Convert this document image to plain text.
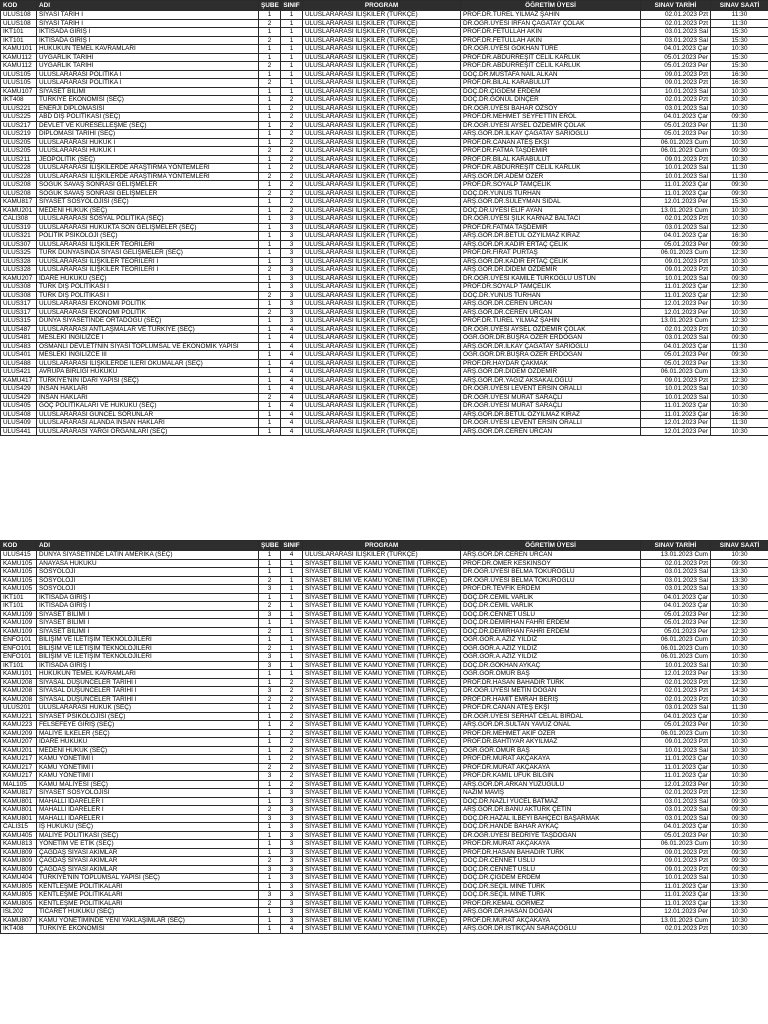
KOD	ADI	ŞUBE	SINIF	PROGRAM	ÖĞRETİM ÜYESİ	SINAV TARİHİ	SINAV SAATİ
ULUS108	SİYASİ TARİH I	1	1	ULUSLARARASI İLİŞKİLER (TÜRKÇE)	PROF.DR.TUREL YILMAZ ŞAHİN	02.01.2023 Pzt	11:30
ULUS108	SİYASİ TARİH I	2	1	ULUSLARARASI İLİŞKİLER (TÜRKÇE)	DR.ÖĞR.ÜYESİ İRFAN ÇAĞATAY ÇOLAK	02.01.2023 Pzt	11:30
IKT101	İKTİSADA GİRİŞ I	1	1	ULUSLARARASI İLİŞKİLER (TÜRKÇE)	PROF.DR.FETULLAH AKIN	03.01.2023 Sal	15:30
IKT101	İKTİSADA GİRİŞ I	2	1	ULUSLARARASI İLİŞKİLER (TÜRKÇE)	PROF.DR.FETULLAH AKIN	03.01.2023 Sal	15:30
KAMU101	HUKUKUN TEMEL KAVRAMLARI	1	1	ULUSLARARASI İLİŞKİLER (TÜRKÇE)	DR.ÖĞR.ÜYESİ GÖKHAN TÜRE	04.01.2023 Çar	10:30
KAMU112	UYGARLIK TARİHİ	1	1	ULUSLARARASI İLİŞKİLER (TÜRKÇE)	PROF.DR.ABDURREŞİT CELİL KARLUK	05.01.2023 Per	15:30
KAMU112	UYGARLIK TARİHİ	2	1	ULUSLARARASI İLİŞKİLER (TÜRKÇE)	PROF.DR.ABDURREŞİT CELİL KARLUK	05.01.2023 Per	15:30
ULUS105	ULUSLARARASI POLİTİKA I	1	1	ULUSLARARASI İLİŞKİLER (TÜRKÇE)	DOÇ.DR.MUSTAFA NAİL ALKAN	09.01.2023 Pzt	16:30
ULUS105	ULUSLARARASI POLİTİKA I	2	1	ULUSLARARASI İLİŞKİLER (TÜRKÇE)	PROF.DR.BİLAL KARABULUT	09.01.2023 Pzt	16:30
KAMU107	SİYASET BİLİMİ	1	1	ULUSLARARASI İLİŞKİLER (TÜRKÇE)	DOÇ.DR.ÇİĞDEM ERDEM	10.01.2023 Sal	10:30
IKT408	TÜRKİYE EKONOMİSİ (SEÇ)	1	2	ULUSLARARASI İLİŞKİLER (TÜRKÇE)	DOÇ.DR.GÖNÜL DİNÇER	02.01.2023 Pzt	10:30
ULUS221	ENERJİ DİPLOMASİSİ	1	2	ULUSLARARASI İLİŞKİLER (TÜRKÇE)	DR.ÖĞR.ÜYESİ BAHAR ÖZSOY	03.01.2023 Sal	10:30
ULUS225	ABD DIŞ POLİTİKASI (SEÇ)	1	2	ULUSLARARASI İLİŞKİLER (TÜRKÇE)	PROF.DR.MEHMET SEYFETTİN EROL	04.01.2023 Çar	09:30
ULUS217	DEVLET VE KÜRESELLEŞME (SEÇ)	1	2	ULUSLARARASI İLİŞKİLER (TÜRKÇE)	DR.ÖĞR.ÜYESİ AYSEL ÖZDEMİR ÇOLAK	05.01.2023 Per	11:30
ULUS219	DİPLOMASİ TARİHİ (SEÇ)	1	2	ULUSLARARASI İLİŞKİLER (TÜRKÇE)	ARŞ.GÖR.DR.İLKAY ÇAĞATAY SARIOĞLU	05.01.2023 Per	10:30
ULUS205	ULUSLARARASI HUKUK I	1	2	ULUSLARARASI İLİŞKİLER (TÜRKÇE)	PROF.DR.CANAN ATEŞ EKŞİ	06.01.2023 Cum	10:30
ULUS205	ULUSLARARASI HUKUK I	2	2	ULUSLARARASI İLİŞKİLER (TÜRKÇE)	PROF.DR.FATMA TAŞDEMİR	06.01.2023 Cum	09:30
ULUS211	JEOPOLİTİK (SEÇ)	1	2	ULUSLARARASI İLİŞKİLER (TÜRKÇE)	PROF.DR.BİLAL KARABULUT	09.01.2023 Pzt	10:30
ULUS228	ULUSLARARASI İLİŞKİLERDE ARAŞTIRMA YÖNTEMLERİ	1	2	ULUSLARARASI İLİŞKİLER (TÜRKÇE)	PROF.DR.ABDURREŞİT CELİL KARLUK	10.01.2023 Sal	11:30
ULUS228	ULUSLARARASI İLİŞKİLERDE ARAŞTIRMA YÖNTEMLERİ	2	2	ULUSLARARASI İLİŞKİLER (TÜRKÇE)	ARŞ.GÖR.DR.ADEM ÖZER	10.01.2023 Sal	11:30
ULUS208	SOĞUK SAVAŞ SONRASI GELİŞMELER	1	2	ULUSLARARASI İLİŞKİLER (TÜRKÇE)	PROF.DR.SOYALP TAMÇELİK	11.01.2023 Çar	09:30
ULUS208	SOĞUK SAVAŞ SONRASI GELİŞMELER	2	2	ULUSLARARASI İLİŞKİLER (TÜRKÇE)	DOÇ.DR.YUNUS TURHAN	11.01.2023 Çar	09:30
KAMU817	SİYASET SOSYOLOJİSİ (SEÇ)	1	2	ULUSLARARASI İLİŞKİLER (TÜRKÇE)	ARŞ.GÖR.DR.SÜLEYMAN SIDAL	12.01.2023 Per	15:30
KAMU201	MEDENİ HUKUK (SEÇ)	1	2	ULUSLARARASI İLİŞKİLER (TÜRKÇE)	DOÇ.DR.ÜYESİ ELİF AYAN	13.01.2023 Cum	10:30
CALI308	ULUSLARARASI SOSYAL POLİTİKA (SEÇ)	1	3	ULUSLARARASI İLİŞKİLER (TÜRKÇE)	DR.ÖĞR.ÜYESİ ŞİLK KARNAZ BALTACI	02.01.2023 Pzt	10:30
ULUS319	ULUSLARARASI HUKUKTA SON GELİŞMELER (SEÇ)	1	3	ULUSLARARASI İLİŞKİLER (TÜRKÇE)	PROF.DR.FATMA TAŞDEMİR	03.01.2023 Sal	12:30
ULUS321	POLİTİK PSİKOLOJİ (SEÇ)	1	3	ULUSLARARASI İLİŞKİLER (TÜRKÇE)	ARŞ.GÖR.DR.BETÜL ÖZYILMAZ KİRAZ	04.01.2023 Çar	16:30
ULUS307	ULUSLARARASI İLİŞKİLER TEORİLERİ	1	3	ULUSLARARASI İLİŞKİLER (TÜRKÇE)	ARŞ.GÖR.DR.KADİR ERTAÇ ÇELİK	05.01.2023 Per	09:30
ULUS325	TÜRK DÜNYASINDA SİYASİ GELİŞMELER (SEÇ)	1	3	ULUSLARARASI İLİŞKİLER (TÜRKÇE)	PROF.DR.FIRAT PURTAŞ	06.01.2023 Cum	12:30
ULUS328	ULUSLARARASI İLİŞKİLER TEORİLERİ I	1	3	ULUSLARARASI İLİŞKİLER (TÜRKÇE)	ARŞ.GÖR.DR.KADİR ERTAÇ ÇELİK	09.01.2023 Pzt	10:30
ULUS328	ULUSLARARASI İLİŞKİLER TEORİLERİ I	2	3	ULUSLARARASI İLİŞKİLER (TÜRKÇE)	ARŞ.GÖR.DR.DİDEM ÖZDEMİR	09.01.2023 Pzt	10:30
KAMU207	İDARE HUKUKU (SEÇ)	1	3	ULUSLARARASI İLİŞKİLER (TÜRKÇE)	DR.ÖĞR.ÜYESİ KAMİLE TÜRKOĞLU ÜSTÜN	10.01.2023 Sal	09:30
ULUS308	TÜRK DIŞ POLİTİKASI I	1	3	ULUSLARARASI İLİŞKİLER (TÜRKÇE)	PROF.DR.SOYALP TAMÇELİK	11.01.2023 Çar	12:30
ULUS308	TÜRK DIŞ POLİTİKASI I	2	3	ULUSLARARASI İLİŞKİLER (TÜRKÇE)	DOÇ.DR.YUNUS TURHAN	11.01.2023 Çar	12:30
ULUS317	ULUSLARARASI EKONOMİ POLİTİK	1	3	ULUSLARARASI İLİŞKİLER (TÜRKÇE)	ARŞ.GÖR.DR.CEREN URCAN	12.01.2023 Per	10:30
ULUS317	ULUSLARARASI EKONOMİ POLİTİK	2	3	ULUSLARARASI İLİŞKİLER (TÜRKÇE)	ARŞ.GÖR.DR.CEREN URCAN	12.01.2023 Per	10:30
ULUS315	DÜNYA SİYASETİNDE ORTADOĞU (SEÇ)	1	3	ULUSLARARASI İLİŞKİLER (TÜRKÇE)	PROF.DR.TUREL YILMAZ ŞAHİN	13.01.2023 Cum	12:30
ULUS487	ULUSLARARASI ANTLAŞMALAR VE TÜRKİYE (SEÇ)	1	4	ULUSLARARASI İLİŞKİLER (TÜRKÇE)	DR.ÖĞR.ÜYESİ AYSEL ÖZDEMİR ÇOLAK	02.01.2023 Pzt	10:30
ULUS481	MESLEKİ İNGİLİZCE I	1	4	ULUSLARARASI İLİŞKİLER (TÜRKÇE)	ÖĞR.GÖR.DR.BÜŞRA ÖZER ERDOĞAN	03.01.2023 Sal	09:30
ULUS483	OSMANLI DEVLETİ'NİN SİYASİ TOPLUMSAL VE EKONOMİK YAPISI	1	4	ULUSLARARASI İLİŞKİLER (TÜRKÇE)	ARŞ.GÖR.DR.İLKAY ÇAĞATAY SARIOĞLU	04.01.2023 Çar	11:30
ULUS401	MESLEKİ İNGİLİZCE III	1	4	ULUSLARARASI İLİŞKİLER (TÜRKÇE)	ÖĞR.GÖR.DR.BÜŞRA ÖZER ERDOĞAN	05.01.2023 Per	09:30
ULUS488	ULUSLARARASI İLİŞKİLERDE İLERİ OKUMALAR (SEÇ)	1	4	ULUSLARARASI İLİŞKİLER (TÜRKÇE)	PROF.DR.HAYDAR ÇAKMAK	05.01.2023 Per	13:30
ULUS421	AVRUPA BİRLİĞİ HUKUKU	1	4	ULUSLARARASI İLİŞKİLER (TÜRKÇE)	ARŞ.GÖR.DR.DİDEM ÖZDEMİR	06.01.2023 Cum	13:30
KAMU417	TÜRKİYE'NİN İDARİ YAPISI (SEÇ)	1	4	ULUSLARARASI İLİŞKİLER (TÜRKÇE)	ARŞ.GÖR.DR.YAĞIZ AKSAKALOĞLU	09.01.2023 Pzt	12:30
ULUS429	İNSAN HAKLARI	1	4	ULUSLARARASI İLİŞKİLER (TÜRKÇE)	DR.ÖĞR.ÜYESİ LEVENT ERSİN ORALLI	10.01.2023 Sal	10:30
ULUS429	İNSAN HAKLARI	2	4	ULUSLARARASI İLİŞKİLER (TÜRKÇE)	DR.ÖĞR.ÜYESİ MURAT SARAÇLI	10.01.2023 Sal	10:30
ULUS405	GÖÇ POLİTİKALARI VE HUKUKU (SEÇ)	1	4	ULUSLARARASI İLİŞKİLER (TÜRKÇE)	DR.ÖĞR.ÜYESİ MURAT SARAÇLI	11.01.2023 Çar	10:30
ULUS408	ULUSLARARASI GÜNCEL SORUNLAR	1	4	ULUSLARARASI İLİŞKİLER (TÜRKÇE)	ARŞ.GÖR.DR.BETÜL ÖZYILMAZ KİRAZ	11.01.2023 Çar	16:30
ULUS409	ULUSLARARASI ALANDA İNSAN HAKLARI	1	4	ULUSLARARASI İLİŞKİLER (TÜRKÇE)	DR.ÖĞR.ÜYESİ LEVENT ERSİN ORALLI	12.01.2023 Per	11:30
ULUS441	ULUSLARARASI YARGI ORGANLARI (SEÇ)	1	4	ULUSLARARASI İLİŞKİLER (TÜRKÇE)	ARŞ.GÖR.DR.CEREN URCAN	12.01.2023 Per	10:30
KOD	ADI	ŞUBE	SINIF	PROGRAM	ÖĞRETİM ÜYESİ	SINAV TARİHİ	SINAV SAATİ
ULUS415	DÜNYA SİYASETİNDE LATİN AMERİKA (SEÇ)	1	4	ULUSLARARASI İLİŞKİLER (TÜRKÇE)	ARŞ.GÖR.DR.CEREN URCAN	13.01.2023 Cum	10:30
KAMU105	ANAYASA HUKUKU	1	1	SİYASET BİLİMİ VE KAMU YÖNETİMİ (TÜRKÇE)	PROF.DR.ÖMER KESKİNSOY	02.01.2023 Pzt	09:30
KAMU105	SOSYOLOJİ	1	1	SİYASET BİLİMİ VE KAMU YÖNETİMİ (TÜRKÇE)	DR.ÖĞR.ÜYESİ BELMA TOKUROĞLU	03.01.2023 Sal	13:30
KAMU105	SOSYOLOJİ	2	1	SİYASET BİLİMİ VE KAMU YÖNETİMİ (TÜRKÇE)	DR.ÖĞR.ÜYESİ BELMA TOKUROĞLU	03.01.2023 Sal	13:30
KAMU105	SOSYOLOJİ	3	1	SİYASET BİLİMİ VE KAMU YÖNETİMİ (TÜRKÇE)	PROF.DR.TEVFİK ERDEM	03.01.2023 Sal	13:30
IKT101	İKTİSADA GİRİŞ I	1	1	SİYASET BİLİMİ VE KAMU YÖNETİMİ (TÜRKÇE)	DOÇ.DR.CEMİL VARLIK	04.01.2023 Çar	10:30
IKT101	İKTİSADA GİRİŞ I	2	1	SİYASET BİLİMİ VE KAMU YÖNETİMİ (TÜRKÇE)	DOÇ.DR.CEMİL VARLIK	04.01.2023 Çar	10:30
KAMU109	SİYASET BİLİMİ I	3	1	SİYASET BİLİMİ VE KAMU YÖNETİMİ (TÜRKÇE)	DOÇ.DR.CENNET USLU	05.01.2023 Per	12:30
KAMU109	SİYASET BİLİMİ I	1	1	SİYASET BİLİMİ VE KAMU YÖNETİMİ (TÜRKÇE)	DOÇ.DR.DEMİRHAN FAHRİ ERDEM	05.01.2023 Per	12:30
KAMU109	SİYASET BİLİMİ I	2	1	SİYASET BİLİMİ VE KAMU YÖNETİMİ (TÜRKÇE)	DOÇ.DR.DEMİRHAN FAHRİ ERDEM	05.01.2023 Per	12:30
ENFO101	BİLİŞİM VE İLETİŞİM TEKNOLOJİLERİ	1	1	SİYASET BİLİMİ VE KAMU YÖNETİMİ (TÜRKÇE)	ÖĞR.GÖR.A.AZİZ YILDIZ	06.01.2023 Cum	10:30
ENFO101	BİLİŞİM VE İLETİŞİM TEKNOLOJİLERİ	2	1	SİYASET BİLİMİ VE KAMU YÖNETİMİ (TÜRKÇE)	ÖĞR.GÖR.A.AZİZ YILDIZ	06.01.2023 Cum	10:30
ENFO101	BİLİŞİM VE İLETİŞİM TEKNOLOJİLERİ	3	1	SİYASET BİLİMİ VE KAMU YÖNETİMİ (TÜRKÇE)	ÖĞR.GÖR.A.AZİZ YILDIZ	06.01.2023 Cum	10:30
IKT101	İKTİSADA GİRİŞ I	3	1	SİYASET BİLİMİ VE KAMU YÖNETİMİ (TÜRKÇE)	DOÇ.DR.GÖKHAN AYKAÇ	10.01.2023 Sal	10:30
KAMU101	HUKUKUN TEMEL KAVRAMLARI	1	1	SİYASET BİLİMİ VE KAMU YÖNETİMİ (TÜRKÇE)	ÖĞR.GÖR.ÖMÜR BAŞ	12.01.2023 Per	13:30
KAMU208	SİYASAL DÜŞÜNCELER TARİHİ I	1	2	SİYASET BİLİMİ VE KAMU YÖNETİMİ (TÜRKÇE)	PROF.DR.HASAN BAHADIR TÜRK	02.01.2023 Pzt	12:30
KAMU208	SİYASAL DÜŞÜNCELER TARİHİ I	3	2	SİYASET BİLİMİ VE KAMU YÖNETİMİ (TÜRKÇE)	DR.ÖĞR.ÜYESİ METİN DOĞAN	02.01.2023 Pzt	14:30
KAMU208	SİYASAL DÜŞÜNCELER TARİHİ I	2	2	SİYASET BİLİMİ VE KAMU YÖNETİMİ (TÜRKÇE)	PROF.DR.HAMİT EMRAH BERİŞ	02.01.2023 Pzt	10:30
ULUS201	ULUSLARARASI HUKUK (SEÇ)	1	2	SİYASET BİLİMİ VE KAMU YÖNETİMİ (TÜRKÇE)	PROF.DR.CANAN ATEŞ EKŞİ	03.01.2023 Sal	11:30
KAMU221	SİYASET PSİKOLOJİSİ (SEÇ)	1	2	SİYASET BİLİMİ VE KAMU YÖNETİMİ (TÜRKÇE)	DR.ÖĞR.ÜYESİ SERHAT CELAL BİRDAL	04.01.2023 Çar	10:30
KAMU223	FELSEFEYE GİRİŞ (SEÇ)	1	2	SİYASET BİLİMİ VE KAMU YÖNETİMİ (TÜRKÇE)	ARŞ.GÖR.DR.SULTAN YAVUZ ONAL	05.01.2023 Per	10:30
KAMU209	MALİYE İLKELER (SEÇ)	1	2	SİYASET BİLİMİ VE KAMU YÖNETİMİ (TÜRKÇE)	PROF.DR.MEHMET AKİF ÖZER	06.01.2023 Cum	10:30
KAMU207	İDARE HUKUKU	1	2	SİYASET BİLİMİ VE KAMU YÖNETİMİ (TÜRKÇE)	PROF.DR.BAHTİYAR AKYILMAZ	09.01.2023 Pzt	10:30
KAMU201	MEDENİ HUKUK (SEÇ)	1	2	SİYASET BİLİMİ VE KAMU YÖNETİMİ (TÜRKÇE)	ÖĞR.GÖR.ÖMÜR BAŞ	10.01.2023 Sal	10:30
KAMU217	KAMU YÖNETİMİ I	1	2	SİYASET BİLİMİ VE KAMU YÖNETİMİ (TÜRKÇE)	PROF.DR.MURAT AKÇAKAYA	11.01.2023 Çar	10:30
KAMU217	KAMU YÖNETİMİ I	2	2	SİYASET BİLİMİ VE KAMU YÖNETİMİ (TÜRKÇE)	PROF.DR.MURAT AKÇAKAYA	11.01.2023 Çar	10:30
KAMU217	KAMU YÖNETİMİ I	3	2	SİYASET BİLİMİ VE KAMU YÖNETİMİ (TÜRKÇE)	PROF.DR.KAMİL UFUK BİLGİN	11.01.2023 Çar	10:30
MAL105	KAMU MALİYESİ (SEÇ)	1	2	SİYASET BİLİMİ VE KAMU YÖNETİMİ (TÜRKÇE)	ARŞ.GÖR.DR.ARKAN YÜZÜGÜLÜ	12.01.2023 Per	10:30
KAMU817	SİYASET SOSYOLOJİSİ	1	3	SİYASET BİLİMİ VE KAMU YÖNETİMİ (TÜRKÇE)	NAZIM MAVİŞ	02.01.2023 Pzt	12:30
KAMU801	MAHALLİ İDARELER I	1	3	SİYASET BİLİMİ VE KAMU YÖNETİMİ (TÜRKÇE)	DOÇ.DR.NAZLI YÜCEL BATMAZ	03.01.2023 Sal	09:30
KAMU801	MAHALLİ İDARELER I	2	3	SİYASET BİLİMİ VE KAMU YÖNETİMİ (TÜRKÇE)	ARŞ.GÖR.DR.BANU AKTÜRK ÇETİN	03.01.2023 Sal	09:30
KAMU801	MAHALLİ İDARELER I	3	3	SİYASET BİLİMİ VE KAMU YÖNETİMİ (TÜRKÇE)	DOÇ.DR.HAZAL İLBEYİ BAHÇECİ BAŞARMAK	03.01.2023 Sal	09:30
CALI315	İŞ HUKUKU (SEÇ)	1	3	SİYASET BİLİMİ VE KAMU YÖNETİMİ (TÜRKÇE)	DOÇ.DR.HANDE BAHAR AYKAÇ	04.01.2023 Çar	10:30
KAMU405	MALİYE POLİTİKASI (SEÇ)	1	3	SİYASET BİLİMİ VE KAMU YÖNETİMİ (TÜRKÇE)	DR.ÖĞR.ÜYESİ BEDRİYE TAŞDOĞAN	05.01.2023 Per	10:30
KAMU813	YÖNETİM VE ETİK (SEÇ)	1	3	SİYASET BİLİMİ VE KAMU YÖNETİMİ (TÜRKÇE)	PROF.DR.MURAT AKÇAKAYA	06.01.2023 Cum	10:30
KAMU809	ÇAĞDAŞ SİYASİ AKIMLAR	1	3	SİYASET BİLİMİ VE KAMU YÖNETİMİ (TÜRKÇE)	PROF.DR.HASAN BAHADIR TÜRK	09.01.2023 Pzt	09:30
KAMU809	ÇAĞDAŞ SİYASİ AKIMLAR	2	3	SİYASET BİLİMİ VE KAMU YÖNETİMİ (TÜRKÇE)	DOÇ.DR.CENNET USLU	09.01.2023 Pzt	09:30
KAMU809	ÇAĞDAŞ SİYASİ AKIMLAR	3	3	SİYASET BİLİMİ VE KAMU YÖNETİMİ (TÜRKÇE)	DOÇ.DR.CENNET USLU	09.01.2023 Pzt	09:30
KAMU404	TÜRKİYE'NİN TOPLUMSAL YAPISI (SEÇ)	1	3	SİYASET BİLİMİ VE KAMU YÖNETİMİ (TÜRKÇE)	DOÇ.DR.ÇİĞDEM ERDEM	10.01.2023 Sal	10:30
KAMU805	KENTLEŞME POLİTİKALARI	1	3	SİYASET BİLİMİ VE KAMU YÖNETİMİ (TÜRKÇE)	DOÇ.DR.SEÇİL MİNE TÜRK	11.01.2023 Çar	13:30
KAMU805	KENTLEŞME POLİTİKALARI	3	3	SİYASET BİLİMİ VE KAMU YÖNETİMİ (TÜRKÇE)	DOÇ.DR.SEÇİL MİNE TÜRK	11.01.2023 Çar	13:30
KAMU805	KENTLEŞME POLİTİKALARI	2	3	SİYASET BİLİMİ VE KAMU YÖNETİMİ (TÜRKÇE)	PROF.DR.KEMAL GÖRMEZ	11.01.2023 Çar	13:30
ISL202	TİCARET HUKUKU (SEÇ)	1	3	SİYASET BİLİMİ VE KAMU YÖNETİMİ (TÜRKÇE)	ARŞ.GÖR.DR.HASAN DOĞAN	12.01.2023 Per	10:30
KAMU807	KAMU YÖNETİMİNDE YENİ YAKLAŞIMLAR (SEÇ)	1	3	SİYASET BİLİMİ VE KAMU YÖNETİMİ (TÜRKÇE)	PROF.DR.MURAT AKÇAKAYA	13.01.2023 Cum	10:30
IKT408	TÜRKİYE EKONOMİSİ	1	4	SİYASET BİLİMİ VE KAMU YÖNETİMİ (TÜRKÇE)	ARŞ.GÖR.DR.İSTİKÇAN SARAÇOĞLU	02.01.2023 Pzt	10:30
